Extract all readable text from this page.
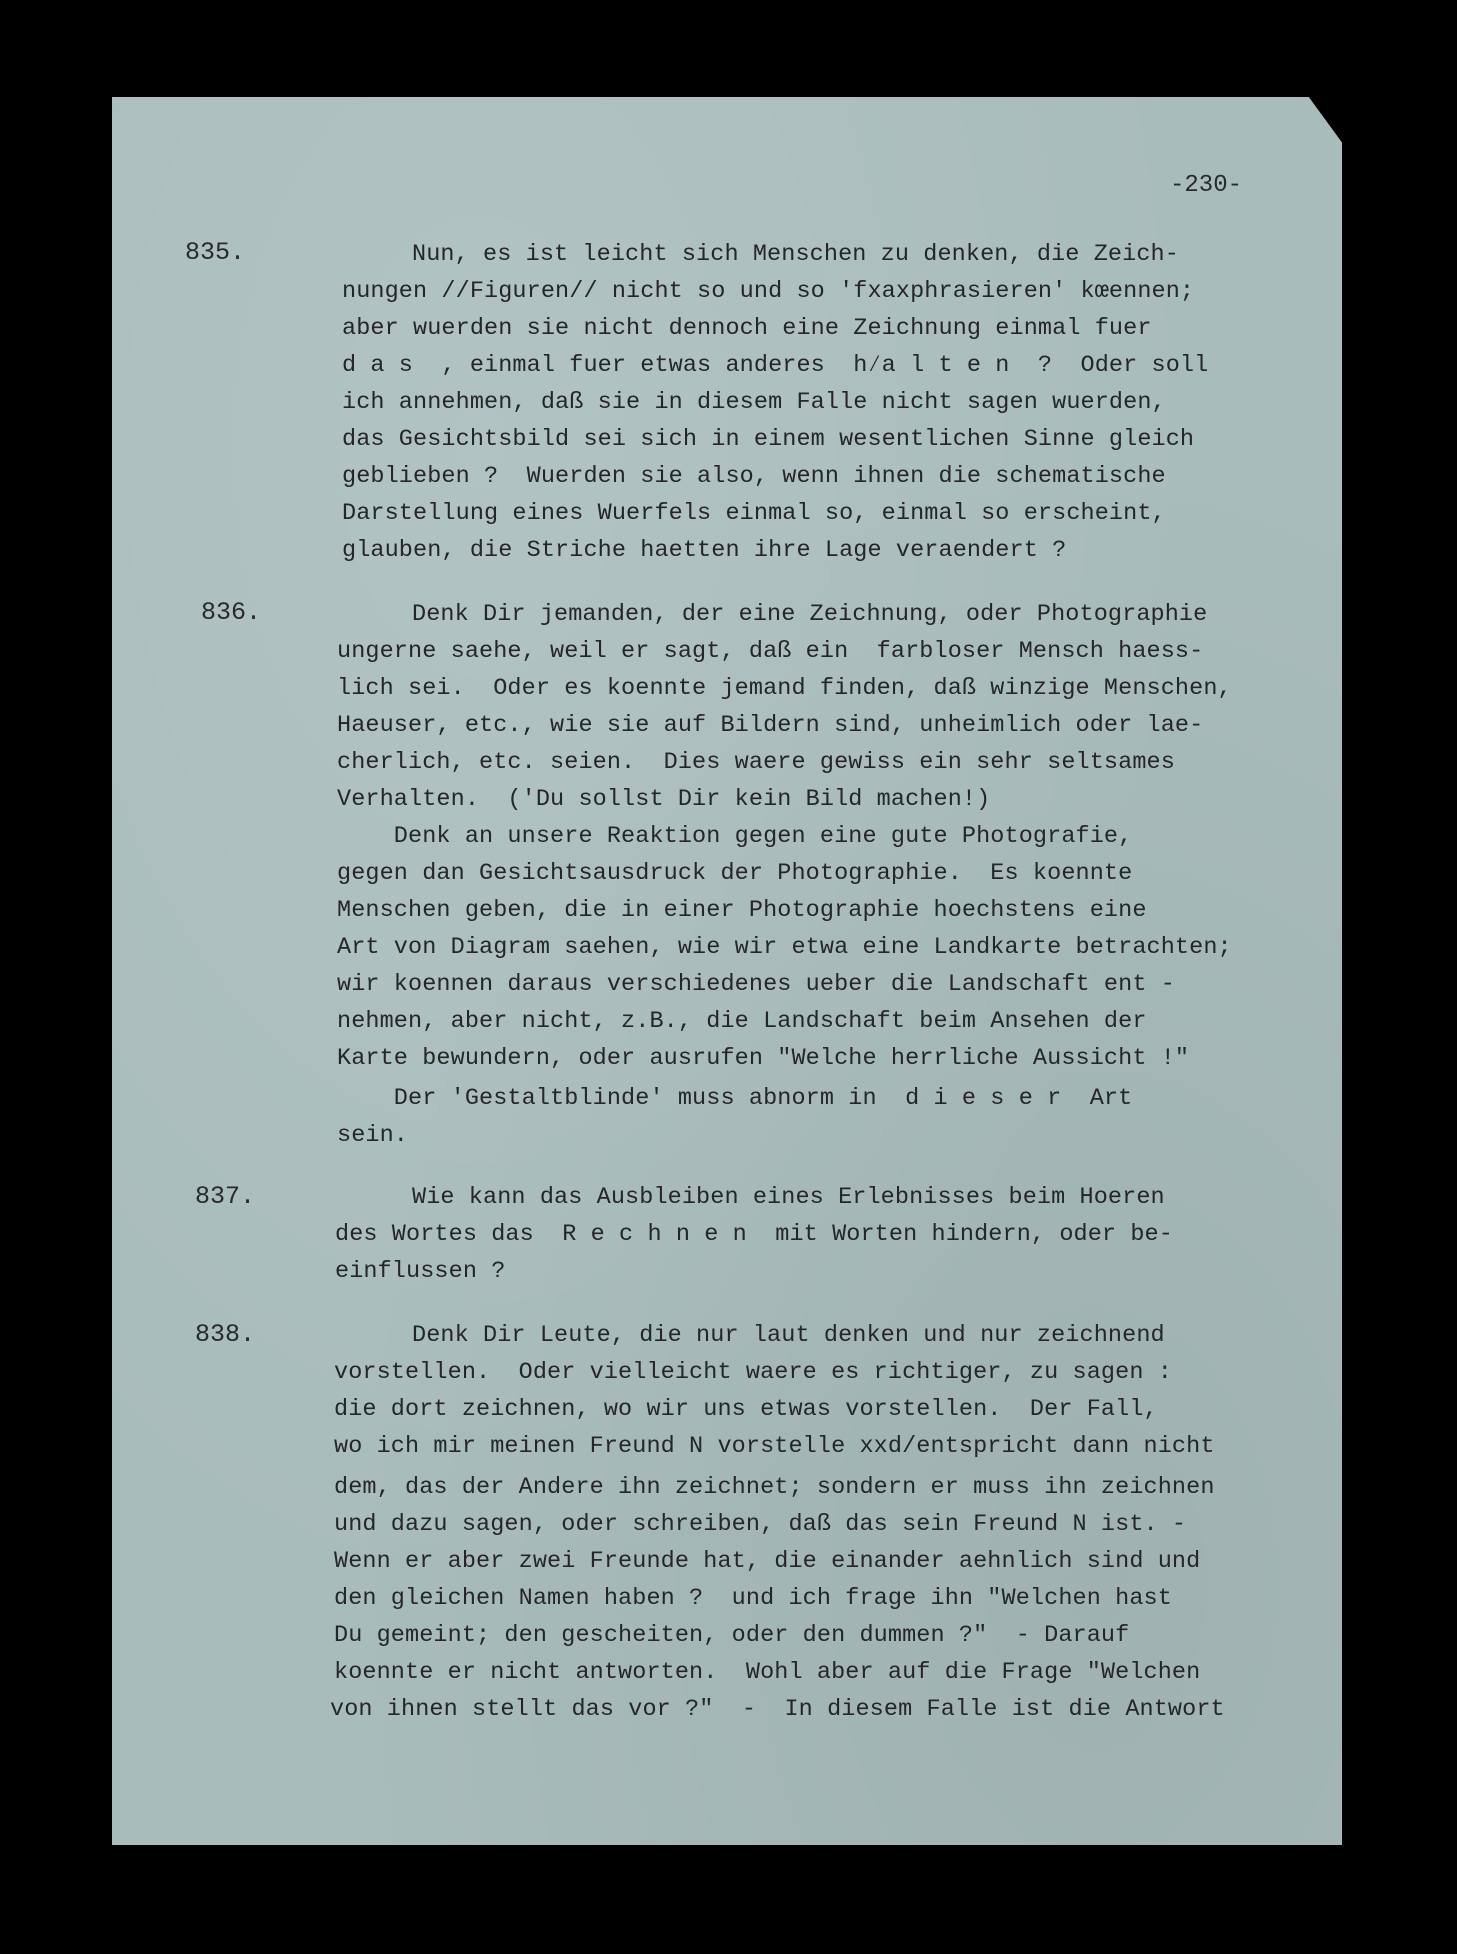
-230-
835.	Nun, es ist leicht sich Menschen zu denken, die Zeich-
nungen //Figuren// nicht so und so 'fxaxphrasieren' kœennen;
aber wuerden sie nicht dennoch eine Zeichnung einmal fuer
d a s  , einmal fuer etwas anderes  h⁄a l t e n  ?  Oder soll
ich annehmen, daß sie in diesem Falle nicht sagen wuerden,
das Gesichtsbild sei sich in einem wesentlichen Sinne gleich
geblieben ?  Wuerden sie also, wenn ihnen die schematische
Darstellung eines Wuerfels einmal so, einmal so erscheint,
glauben, die Striche haetten ihre Lage veraendert ?
836.	Denk Dir jemanden, der eine Zeichnung, oder Photographie
ungerne saehe, weil er sagt, daß ein  farbloser Mensch haess-
lich sei.  Oder es koennte jemand finden, daß winzige Menschen,
Haeuser, etc., wie sie auf Bildern sind, unheimlich oder lae-
cherlich, etc. seien.  Dies waere gewiss ein sehr seltsames
Verhalten.  ('Du sollst Dir kein Bild machen!)
Denk an unsere Reaktion gegen eine gute Photografie,
gegen dan Gesichtsausdruck der Photographie.  Es koennte
Menschen geben, die in einer Photographie hoechstens eine
Art von Diagram saehen, wie wir etwa eine Landkarte betrachten;
wir koennen daraus verschiedenes ueber die Landschaft ent -
nehmen, aber nicht, z.B., die Landschaft beim Ansehen der
Karte bewundern, oder ausrufen "Welche herrliche Aussicht !"
Der 'Gestaltblinde' muss abnorm in  d i e s e r  Art
sein.
837.	Wie kann das Ausbleiben eines Erlebnisses beim Hoeren
des Wortes das  R e c h n e n  mit Worten hindern, oder be-
einflussen ?
838.	Denk Dir Leute, die nur laut denken und nur zeichnend
vorstellen.  Oder vielleicht waere es richtiger, zu sagen :
die dort zeichnen, wo wir uns etwas vorstellen.  Der Fall,
wo ich mir meinen Freund N vorstelle xxd/entspricht dann nicht
dem, das der Andere ihn zeichnet; sondern er muss ihn zeichnen
und dazu sagen, oder schreiben, daß das sein Freund N ist. -
Wenn er aber zwei Freunde hat, die einander aehnlich sind und
den gleichen Namen haben ?  und ich frage ihn "Welchen hast
Du gemeint; den gescheiten, oder den dummen ?"  - Darauf
koennte er nicht antworten.  Wohl aber auf die Frage "Welchen
von ihnen stellt das vor ?"  -  In diesem Falle ist die Antwort
